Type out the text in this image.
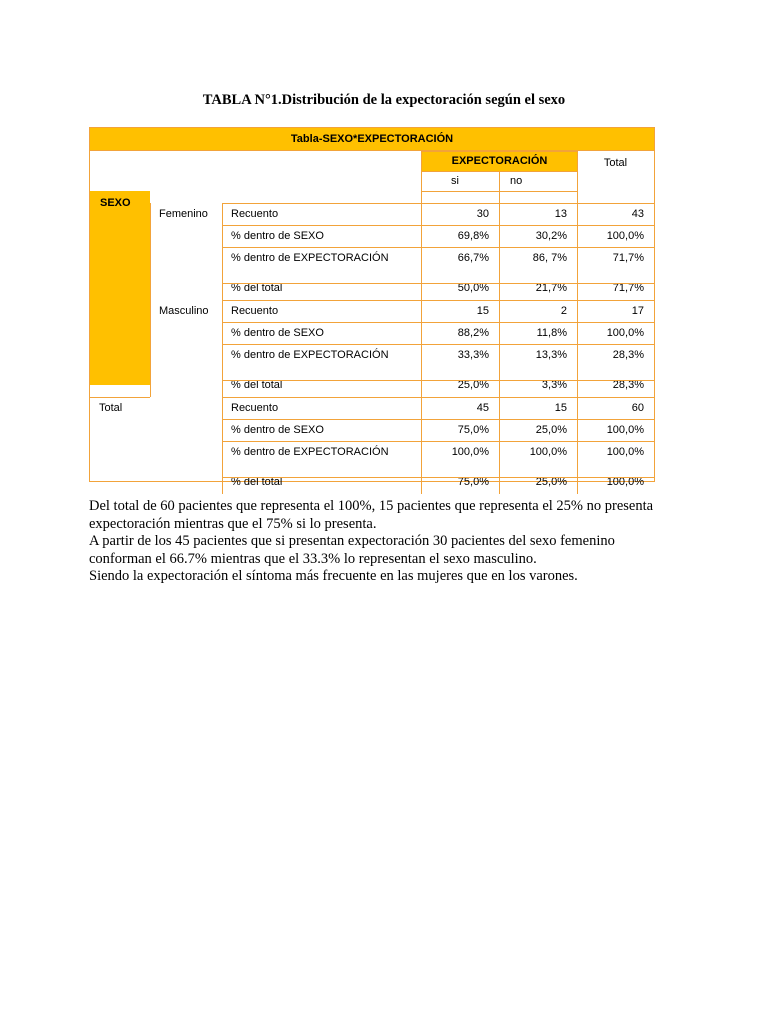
TABLA N°1.Distribución de la expectoración según el sexo
Tabla-SEXO*EXPECTORACIÓN
SEXO
EXPECTORACIÓN	Total
si	no
Femenino	Recuento	30	13	43
% dentro de SEXO	69,8%	30,2%	100,0%
% dentro de EXPECTORACIÓN	66,7%	86, 7%	71,7%
% del total	50,0%	21,7%	71,7%
Masculino	Recuento	15	2	17
% dentro de SEXO	88,2%	11,8%	100,0%
% dentro de EXPECTORACIÓN	33,3%	13,3%	28,3%
% del total	25,0%	3,3%	28,3%
Total	Recuento	45	15	60
% dentro de SEXO	75,0%	25,0%	100,0%
% dentro de EXPECTORACIÓN	100,0%	100,0%	100,0%
% del total	75,0%	25,0%	100,0%
Del total de 60 pacientes que representa el 100%, 15 pacientes que representa el 25% no presenta
expectoración mientras que el 75% si lo presenta.
A partir de los 45 pacientes que si presentan expectoración 30 pacientes del sexo femenino
conforman el 66.7% mientras que el 33.3% lo representan el sexo masculino.
Siendo la expectoración el síntoma más frecuente en las mujeres que en los varones.
